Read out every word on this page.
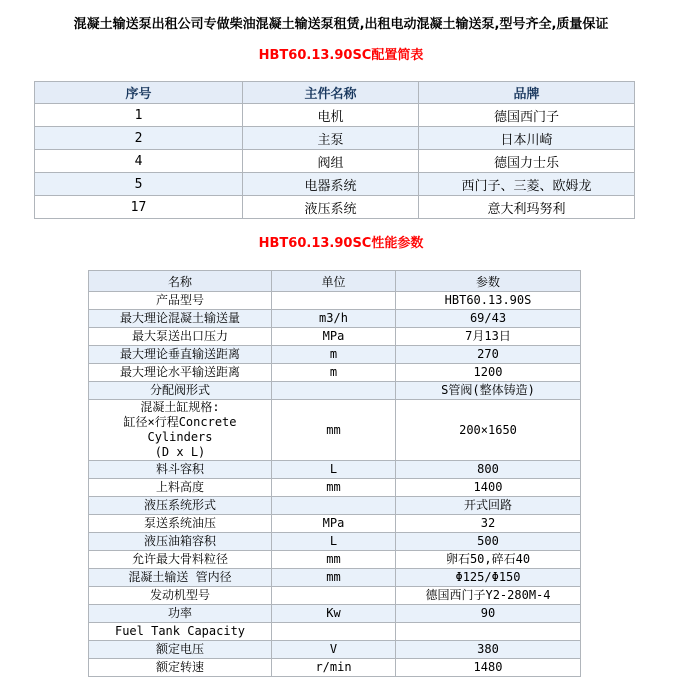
混凝土输送泵出租公司专做柴油混凝土输送泵租赁,出租电动混凝土输送泵,型号齐全,质量保证
HBT60.13.90SC配置简表
序号	主件名称	品牌
1	电机	德国西门子
2	主泵	日本川崎
4	阀组	德国力士乐
5	电器系统	西门子、三菱、欧姆龙
17	液压系统	意大利玛努利
HBT60.13.90SC性能参数
名称	单位	参数
产品型号		HBT60.13.90S
最大理论混凝土输送量	m3/h	69/43
最大泵送出口压力	MPa	7月13日
最大理论垂直输送距离	m	270
最大理论水平输送距离	m	1200
分配阀形式		S管阀(整体铸造)

混凝土缸规格:
缸径×行程Concrete Cylinders
(D x L)	mm	200×1650
料斗容积	L	800
上料高度	mm	1400
液压系统形式		开式回路
泵送系统油压	MPa	32
液压油箱容积	L	500
允许最大骨料粒径	mm	卵石50,碎石40
混凝土输送 管内径	mm	Φ125/Φ150
发动机型号		德国西门子Y2-280M-4
功率	Kw	90
Fuel Tank Capacity		
额定电压	V	380
额定转速	r/min	1480
